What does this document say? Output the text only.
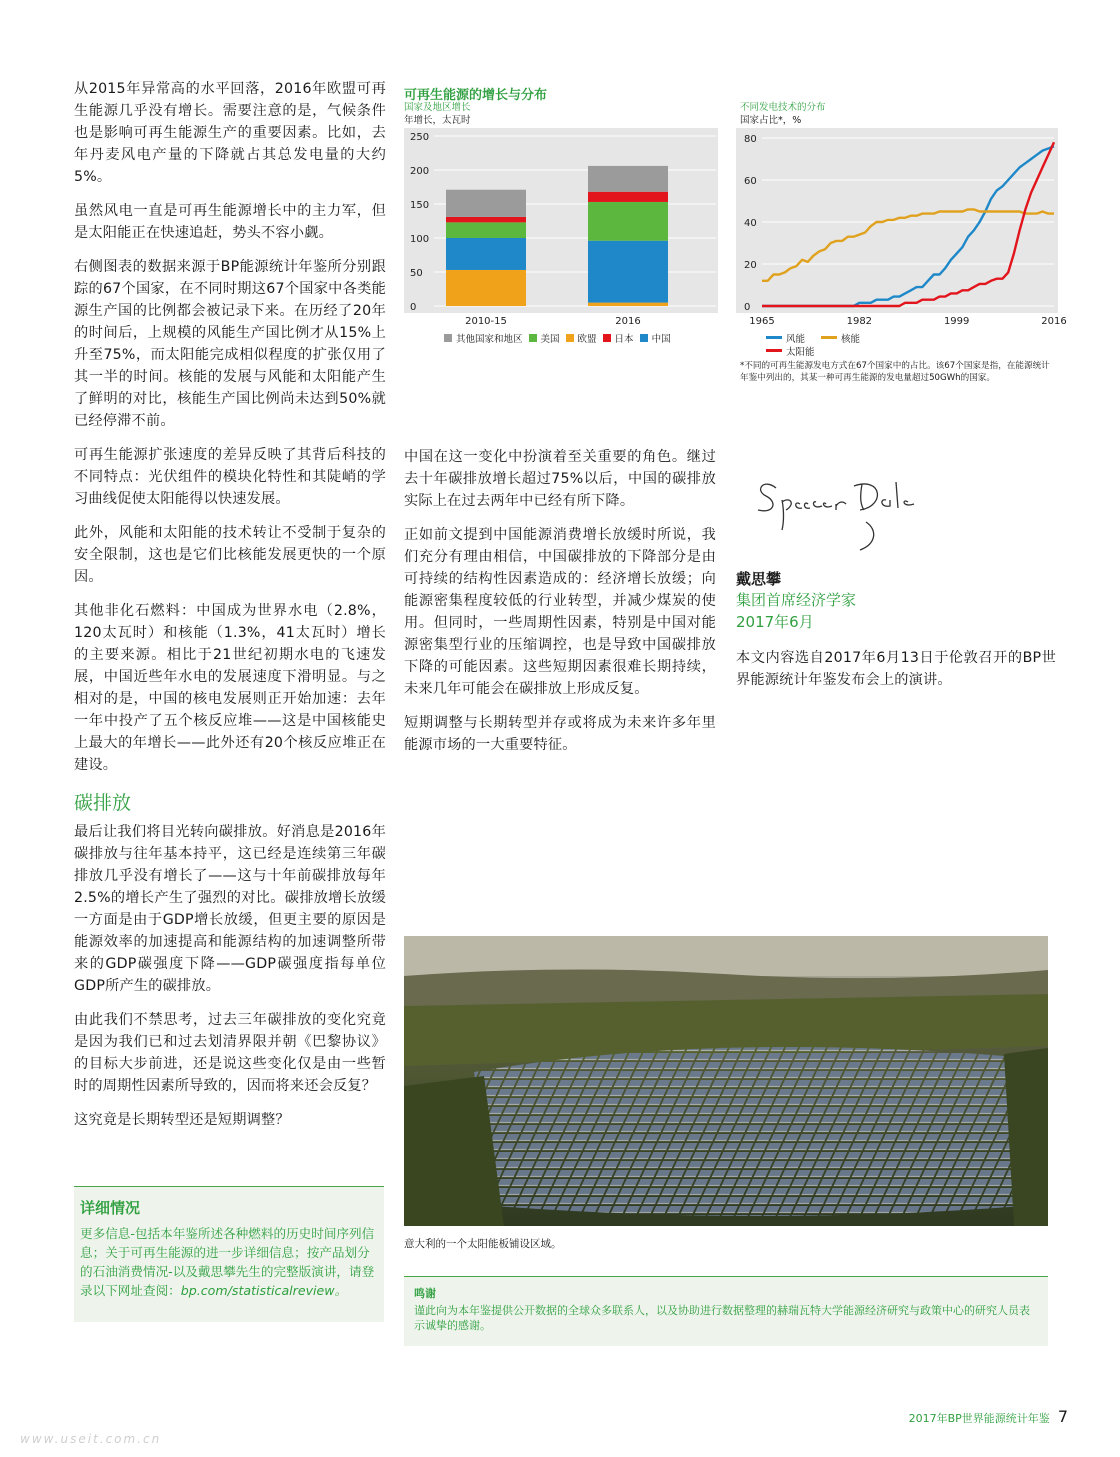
从2015年异常高的水平回落，2016年欧盟可再生能源几乎没有增长。需要注意的是，气候条件也是影响可再生能源生产的重要因素。比如，去年丹麦风电产量的下降就占其总发电量的大约5%。

虽然风电一直是可再生能源增长中的主力军，但是太阳能正在快速追赶，势头不容小觑。

右侧图表的数据来源于BP能源统计年鉴所分别跟踪的67个国家，在不同时期这67个国家中各类能源生产国的比例都会被记录下来。在历经了20年的时间后，上规模的风能生产国比例才从15%上升至75%，而太阳能完成相似程度的扩张仅用了其一半的时间。核能的发展与风能和太阳能产生了鲜明的对比，核能生产国比例尚未达到50%就已经停滞不前。

可再生能源扩张速度的差异反映了其背后科技的不同特点：光伏组件的模块化特性和其陡峭的学习曲线促使太阳能得以快速发展。

此外，风能和太阳能的技术转让不受制于复杂的安全限制，这也是它们比核能发展更快的一个原因。

其他非化石燃料：中国成为世界水电（2.8%，120太瓦时）和核能（1.3%，41太瓦时）增长的主要来源。相比于21世纪初期水电的飞速发展，中国近些年水电的发展速度下滑明显。与之相对的是，中国的核电发展则正开始加速：去年一年中投产了五个核反应堆——这是中国核能史上最大的年增长——此外还有20个核反应堆正在建设。

碳排放

最后让我们将目光转向碳排放。好消息是2016年碳排放与往年基本持平，这已经是连续第三年碳排放几乎没有增长了——这与十年前碳排放每年2.5%的增长产生了强烈的对比。碳排放增长放缓一方面是由于GDP增长放缓，但更主要的原因是能源效率的加速提高和能源结构的加速调整所带来的GDP碳强度下降——GDP碳强度指每单位GDP所产生的碳排放。

由此我们不禁思考，过去三年碳排放的变化究竟是因为我们已和过去划清界限并朝《巴黎协议》的目标大步前进，还是说这些变化仅是由一些暂时的周期性因素所导致的，因而将来还会反复？

这究竟是长期转型还是短期调整？

详细情况
更多信息-包括本年鉴所述各种燃料的历史时间序列信息；关于可再生能源的进一步详细信息；按产品划分的石油消费情况-以及戴思攀先生的完整版演讲，请登录以下网址查阅：bp.com/statisticalreview。
可再生能源的增长与分布
国家及地区增长
年增长，太瓦时
0
50
100
150
200
250
2010-15	2016
其他国家和地区 美国 欧盟 日本 中国
不同发电技术的分布
国家占比*，%
0
20
40
60
80
1965	1982	1999	2016
风能	核能
太阳能
*不同的可再生能源发电方式在67个国家中的占比。该67个国家是指，在能源统计年鉴中列出的，其某一种可再生能源的发电量超过50GWh的国家。

中国在这一变化中扮演着至关重要的角色。继过去十年碳排放增长超过75%以后，中国的碳排放实际上在过去两年中已经有所下降。

正如前文提到中国能源消费增长放缓时所说，我们充分有理由相信，中国碳排放的下降部分是由可持续的结构性因素造成的：经济增长放缓；向能源密集程度较低的行业转型，并减少煤炭的使用。但同时，一些周期性因素，特别是中国对能源密集型行业的压缩调控，也是导致中国碳排放下降的可能因素。这些短期因素很难长期持续，未来几年可能会在碳排放上形成反复。

短期调整与长期转型并存或将成为未来许多年里能源市场的一大重要特征。

戴思攀
集团首席经济学家
2017年6月

本文内容选自2017年6月13日于伦敦召开的BP世界能源统计年鉴发布会上的演讲。

意大利的一个太阳能板铺设区域。
鸣谢
谨此向为本年鉴提供公开数据的全球众多联系人，以及协助进行数据整理的赫瑞瓦特大学能源经济研究与政策中心的研究人员表示诚挚的感谢。
2017年BP世界能源统计年鉴 7
www.useit.com.cn
